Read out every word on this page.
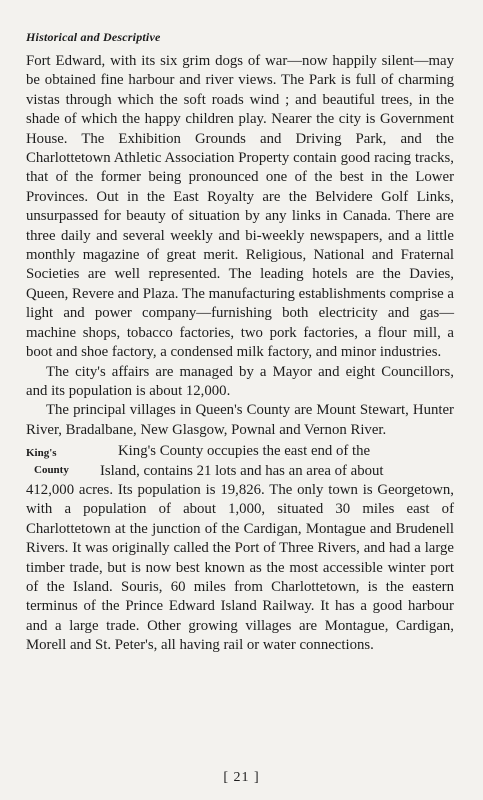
Historical and Descriptive

Fort Edward, with its six grim dogs of war—now happily silent—may be obtained fine harbour and river views. The Park is full of charming vistas through which the soft roads wind ; and beautiful trees, in the shade of which the happy children play. Nearer the city is Government House. The Exhibition Grounds and Driving Park, and the Charlottetown Athletic Association Property contain good racing tracks, that of the former being pronounced one of the best in the Lower Provinces. Out in the East Royalty are the Belvidere Golf Links, unsurpassed for beauty of situation by any links in Canada. There are three daily and several weekly and bi-weekly newspapers, and a little monthly magazine of great merit. Religious, National and Fraternal Societies are well represented. The leading hotels are the Davies, Queen, Revere and Plaza. The manufacturing establishments comprise a light and power company—furnishing both electricity and gas—machine shops, tobacco factories, two pork factories, a flour mill, a boot and shoe factory, a condensed milk factory, and minor industries.

The city's affairs are managed by a Mayor and eight Councillors, and its population is about 12,000.

The principal villages in Queen's County are Mount Stewart, Hunter River, Bradalbane, New Glasgow, Pownal and Vernon River.

King's
County

King's County occupies the east end of the

Island, contains 21 lots and has an area of about

412,000 acres. Its population is 19,826. The only town is Georgetown, with a population of about 1,000, situated 30 miles east of Charlottetown at the junction of the Cardigan, Montague and Brudenell Rivers. It was originally called the Port of Three Rivers, and had a large timber trade, but is now best known as the most accessible winter port of the Island. Souris, 60 miles from Charlottetown, is the eastern terminus of the Prince Edward Island Railway. It has a good harbour and a large trade. Other growing villages are Montague, Cardigan, Morell and St. Peter's, all having rail or water connections.

[ 21 ]
